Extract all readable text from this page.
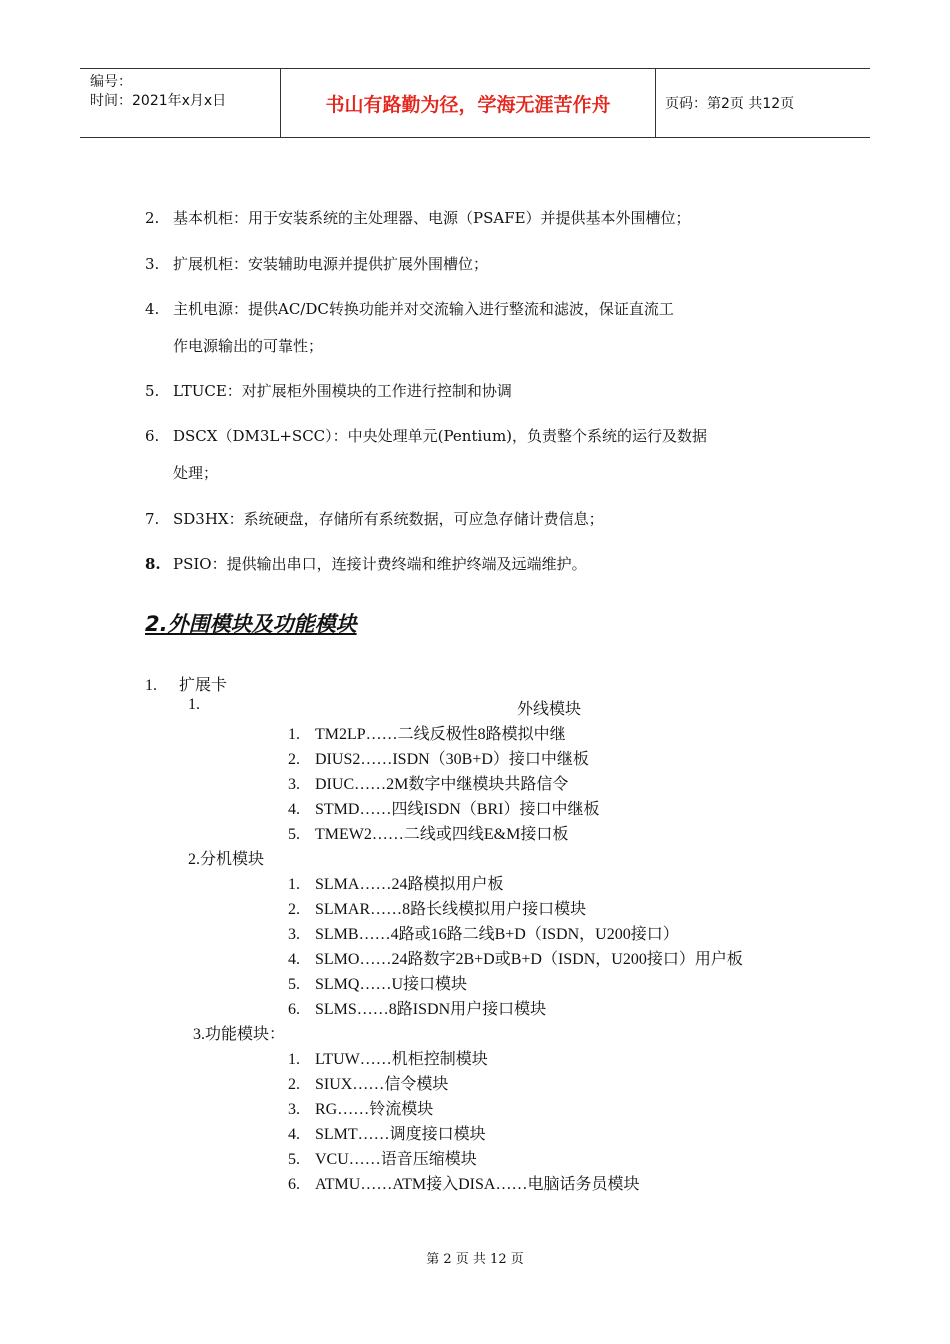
编号：
时间：2021年x月x日	书山有路勤为径，学海无涯苦作舟	页码：第2页 共12页
2. 基本机柜：用于安装系统的主处理器、电源（PSAFE）并提供基本外围槽位；
3. 扩展机柜：安装辅助电源并提供扩展外围槽位；
4. 主机电源：提供AC/DC转换功能并对交流输入进行整流和滤波，保证直流工
作电源输出的可靠性；
5. LTUCE：对扩展柜外围模块的工作进行控制和协调
6. DSCX（DM3L+SCC）：中央处理单元(Pentium)，负责整个系统的运行及数据
处理；
7. SD3HX：系统硬盘，存储所有系统数据，可应急存储计费信息；
8. PSIO：提供输出串口，连接计费终端和维护终端及远端维护。
2.外围模块及功能模块
1. 扩展卡
1.	外线模块
1. TM2LP……二线反极性8路模拟中继
2. DIUS2……ISDN（30B+D）接口中继板
3. DIUC……2M数字中继模块共路信令
4. STMD……四线ISDN（BRI）接口中继板
5. TMEW2……二线或四线E&M接口板
2.分机模块
1. SLMA……24路模拟用户板
2. SLMAR……8路长线模拟用户接口模块
3. SLMB……4路或16路二线B+D（ISDN，U200接口）
4. SLMO……24路数字2B+D或B+D（ISDN，U200接口）用户板
5. SLMQ……U接口模块
6. SLMS……8路ISDN用户接口模块
3.功能模块：
1. LTUW……机柜控制模块
2. SIUX……信令模块
3. RG……铃流模块
4. SLMT……调度接口模块
5. VCU……语音压缩模块
6. ATMU……ATM接入DISA……电脑话务员模块
第 2 页 共 12 页
